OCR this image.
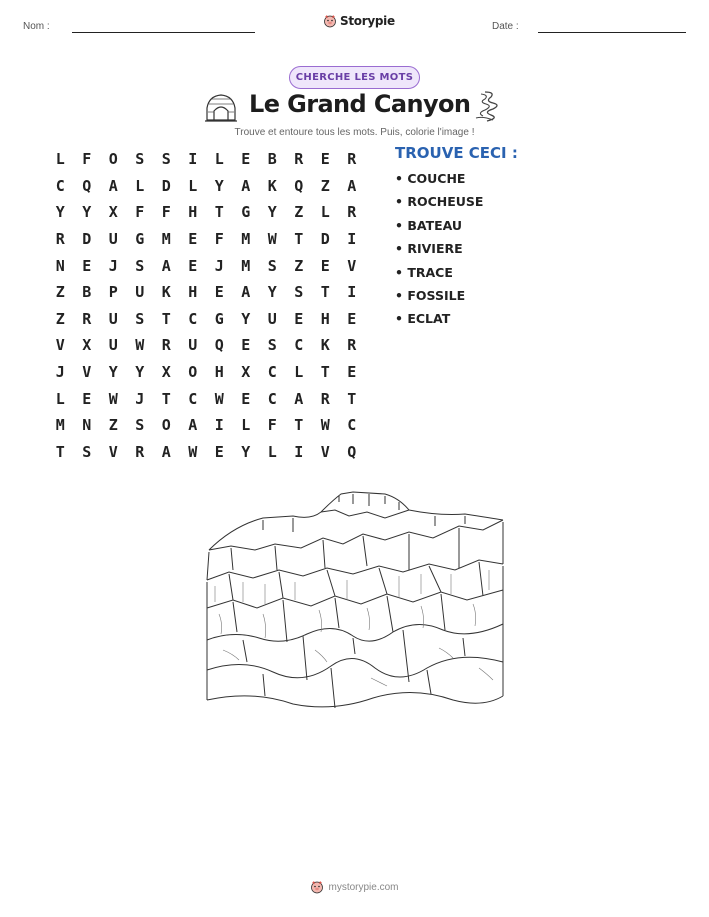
Nom :	Storypie	Date :
CHERCHE LES MOTS
Le Grand Canyon
Trouve et entoure tous les mots. Puis, colorie l'image !
L	F	O	S	S	I	L	E	B	R	E	R
C	Q	A	L	D	L	Y	A	K	Q	Z	A
Y	Y	X	F	F	H	T	G	Y	Z	L	R
R	D	U	G	M	E	F	M	W	T	D	I
N	E	J	S	A	E	J	M	S	Z	E	V
Z	B	P	U	K	H	E	A	Y	S	T	I
Z	R	U	S	T	C	G	Y	U	E	H	E
V	X	U	W	R	U	Q	E	S	C	K	R
J	V	Y	Y	X	O	H	X	C	L	T	E
L	E	W	J	T	C	W	E	C	A	R	T
M	N	Z	S	O	A	I	L	F	T	W	C
T	S	V	R	A	W	E	Y	L	I	V	Q
TROUVE CECI :
• COUCHE
• ROCHEUSE
• BATEAU
• RIVIERE
• TRACE
• FOSSILE
• ECLAT
mystorypie.com
